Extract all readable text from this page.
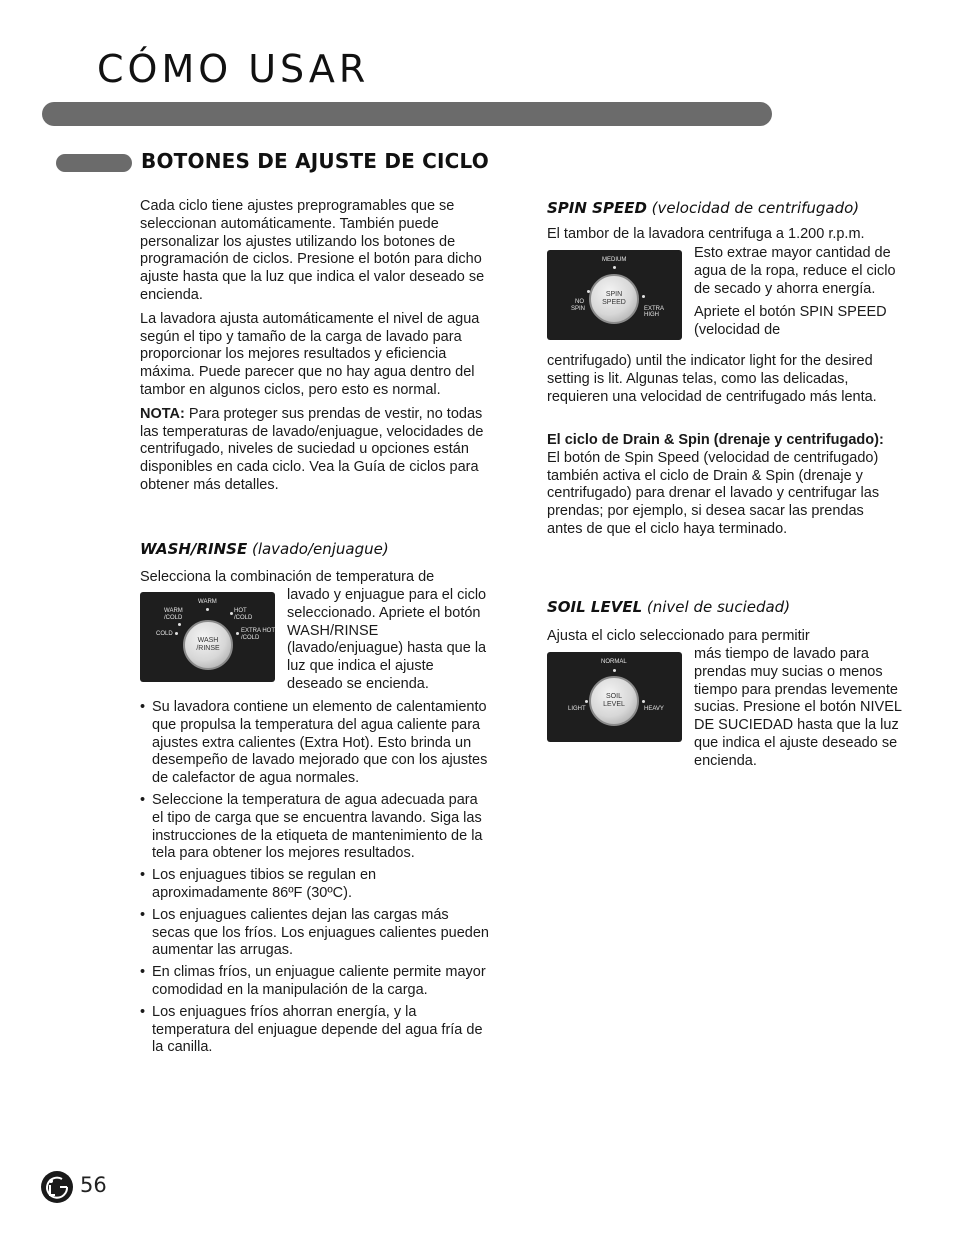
CÓMO USAR
BOTONES DE AJUSTE DE CICLO

Cada ciclo tiene ajustes preprogramables que se seleccionan automáticamente. También puede personalizar los ajustes utilizando los botones de programación de ciclos. Presione el botón para dicho ajuste hasta que la luz que indica el valor deseado se encienda.

La lavadora ajusta automáticamente el nivel de agua según el tipo y tamaño de la carga de lavado para proporcionar los mejores resultados y eficiencia máxima. Puede parecer que no hay agua dentro del tambor en algunos ciclos, pero esto es normal.

NOTA: Para proteger sus prendas de vestir, no todas las temperaturas de lavado/enjuague, velocidades de centrifugado, niveles de suciedad u opciones están disponibles en cada ciclo. Vea la Guía de ciclos para obtener más detalles.

WASH/RINSE (lavado/enjuague)
Selecciona la combinación de temperatura de
WARM
WARM
/COLD
HOT
/COLD
COLD	EXTRA HOT
/COLD
WASH
/RINSE
lavado y enjuague para el ciclo seleccionado. Apriete el botón WASH/RINSE (lavado/enjuague) hasta que la luz que indica el ajuste deseado se encienda.
• Su lavadora contiene un elemento de calentamiento que propulsa la temperatura del agua caliente para ajustes extra calientes (Extra Hot). Esto brinda un desempeño de lavado mejorado que con los ajustes de calefactor de agua normales.
• Seleccione la temperatura de agua adecuada para el tipo de carga que se encuentra lavando. Siga las instrucciones de la etiqueta de mantenimiento de la tela para obtener los mejores resultados.
• Los enjuagues tibios se regulan en aproximadamente 86ºF (30ºC).
• Los enjuagues calientes dejan las cargas más secas que los fríos. Los enjuagues calientes pueden aumentar las arrugas.
• En climas fríos, un enjuague caliente permite mayor comodidad en la manipulación de la carga.
• Los enjuagues fríos ahorran energía, y la temperatura del enjuague depende del agua fría de la canilla.
SPIN SPEED (velocidad de centrifugado)
El tambor de la lavadora centrifuga a 1.200 r.p.m.
MEDIUM
NO
SPIN	EXTRA
HIGH
SPIN
SPEED

Esto extrae mayor cantidad de agua de la ropa, reduce el ciclo de secado y ahorra energía.

Apriete el botón SPIN SPEED (velocidad de

centrifugado) until the indicator light for the desired setting is lit. Algunas telas, como las delicadas, requieren una velocidad de centrifugado más lenta.
El ciclo de Drain & Spin (drenaje y centrifugado):
El botón de Spin Speed (velocidad de centrifugado) también activa el ciclo de Drain & Spin (drenaje y centrifugado) para drenar el lavado y centrifugar las prendas; por ejemplo, si desea sacar las prendas antes de que el ciclo haya terminado.
SOIL LEVEL (nivel de suciedad)
Ajusta el ciclo seleccionado para permitir
NORMAL
LIGHT	HEAVY
SOIL
LEVEL
más tiempo de lavado para prendas muy sucias o menos tiempo para prendas levemente sucias. Presione el botón NIVEL DE SUCIEDAD hasta que la luz que indica el ajuste deseado se encienda.
56
